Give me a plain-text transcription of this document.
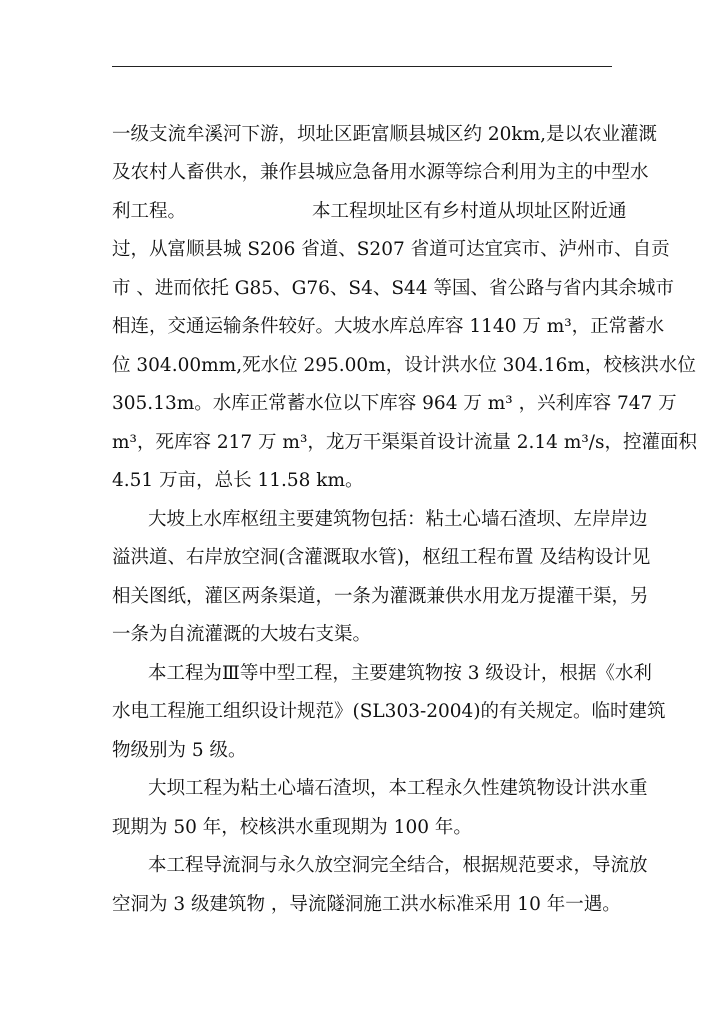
一级支流牟溪河下游，坝址区距富顺县城区约 20km,是以农业灌溉
及农村人畜供水，兼作县城应急备用水源等综合利用为主的中型水
利工程。	本工程坝址区有乡村道从坝址区附近通
过，从富顺县城 S206 省道、S207 省道可达宜宾市、泸州市、自贡
市 、进而依托 G85、G76、S4、S44 等国、省公路与省内其余城市
相连，交通运输条件较好。大坡水库总库容 1140 万 m³，正常蓄水
位 304.00mm,死水位 295.00m，设计洪水位 304.16m，校核洪水位
305.13m。水库正常蓄水位以下库容 964 万 m³ ，兴利库容 747 万
m³，死库容 217 万 m³，龙万干渠渠首设计流量 2.14 m³/s，控灌面积
4.51 万亩，总长 11.58 km。
大坡上水库枢纽主要建筑物包括：粘土心墙石渣坝、左岸岸边
溢洪道、右岸放空洞(含灌溉取水管)，枢纽工程布置 及结构设计见
相关图纸，灌区两条渠道，一条为灌溉兼供水用龙万提灌干渠，另
一条为自流灌溉的大坡右支渠。
本工程为Ⅲ等中型工程，主要建筑物按 3 级设计，根据《水利
水电工程施工组织设计规范》(SL303-2004)的有关规定。临时建筑
物级别为 5 级。
大坝工程为粘土心墙石渣坝，本工程永久性建筑物设计洪水重
现期为 50 年，校核洪水重现期为 100 年。
本工程导流洞与永久放空洞完全结合，根据规范要求，导流放
空洞为 3 级建筑物 ，导流隧洞施工洪水标准采用 10 年一遇。
